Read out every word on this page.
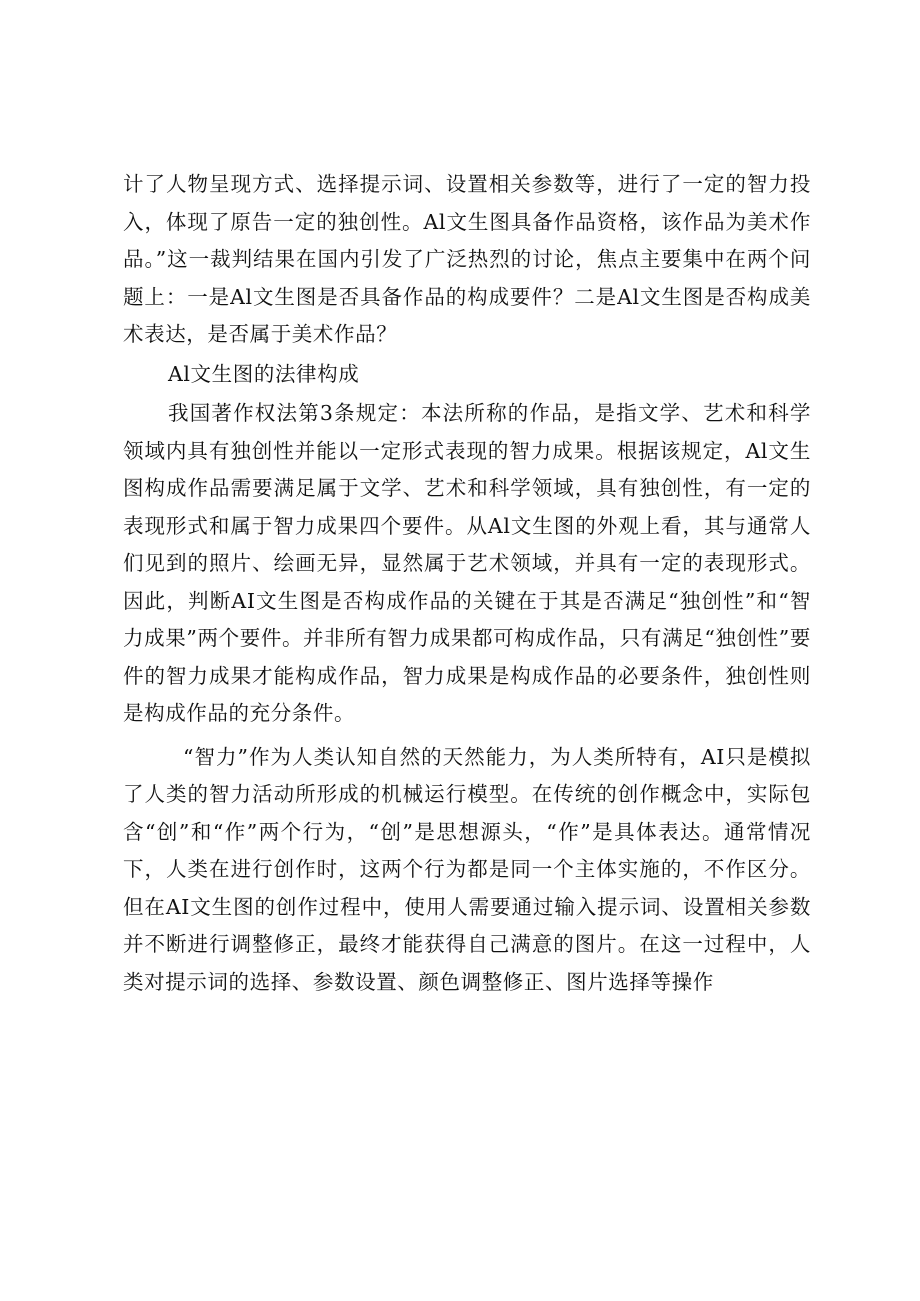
计了人物呈现方式、选择提示词、设置相关参数等，进行了一定的智力投入，体现了原告一定的独创性。Al文生图具备作品资格，该作品为美术作品。”这一裁判结果在国内引发了广泛热烈的讨论，焦点主要集中在两个问题上：一是Al文生图是否具备作品的构成要件？二是Al文生图是否构成美术表达，是否属于美术作品？

Al文生图的法律构成

我国著作权法第3条规定：本法所称的作品，是指文学、艺术和科学领域内具有独创性并能以一定形式表现的智力成果。根据该规定，Al文生图构成作品需要满足属于文学、艺术和科学领域，具有独创性，有一定的表现形式和属于智力成果四个要件。从Al文生图的外观上看，其与通常人们见到的照片、绘画无异，显然属于艺术领域，并具有一定的表现形式。因此，判断AI文生图是否构成作品的关键在于其是否满足“独创性”和“智力成果”两个要件。并非所有智力成果都可构成作品，只有满足“独创性”要件的智力成果才能构成作品，智力成果是构成作品的必要条件，独创性则是构成作品的充分条件。

“智力”作为人类认知自然的天然能力，为人类所特有，AI只是模拟了人类的智力活动所形成的机械运行模型。在传统的创作概念中，实际包含“创”和“作”两个行为，“创”是思想源头，“作”是具体表达。通常情况下，人类在进行创作时，这两个行为都是同一个主体实施的，不作区分。但在AI文生图的创作过程中，使用人需要通过输入提示词、设置相关参数并不断进行调整修正，最终才能获得自己满意的图片。在这一过程中，人类对提示词的选择、参数设置、颜色调整修正、图片选择等操作
